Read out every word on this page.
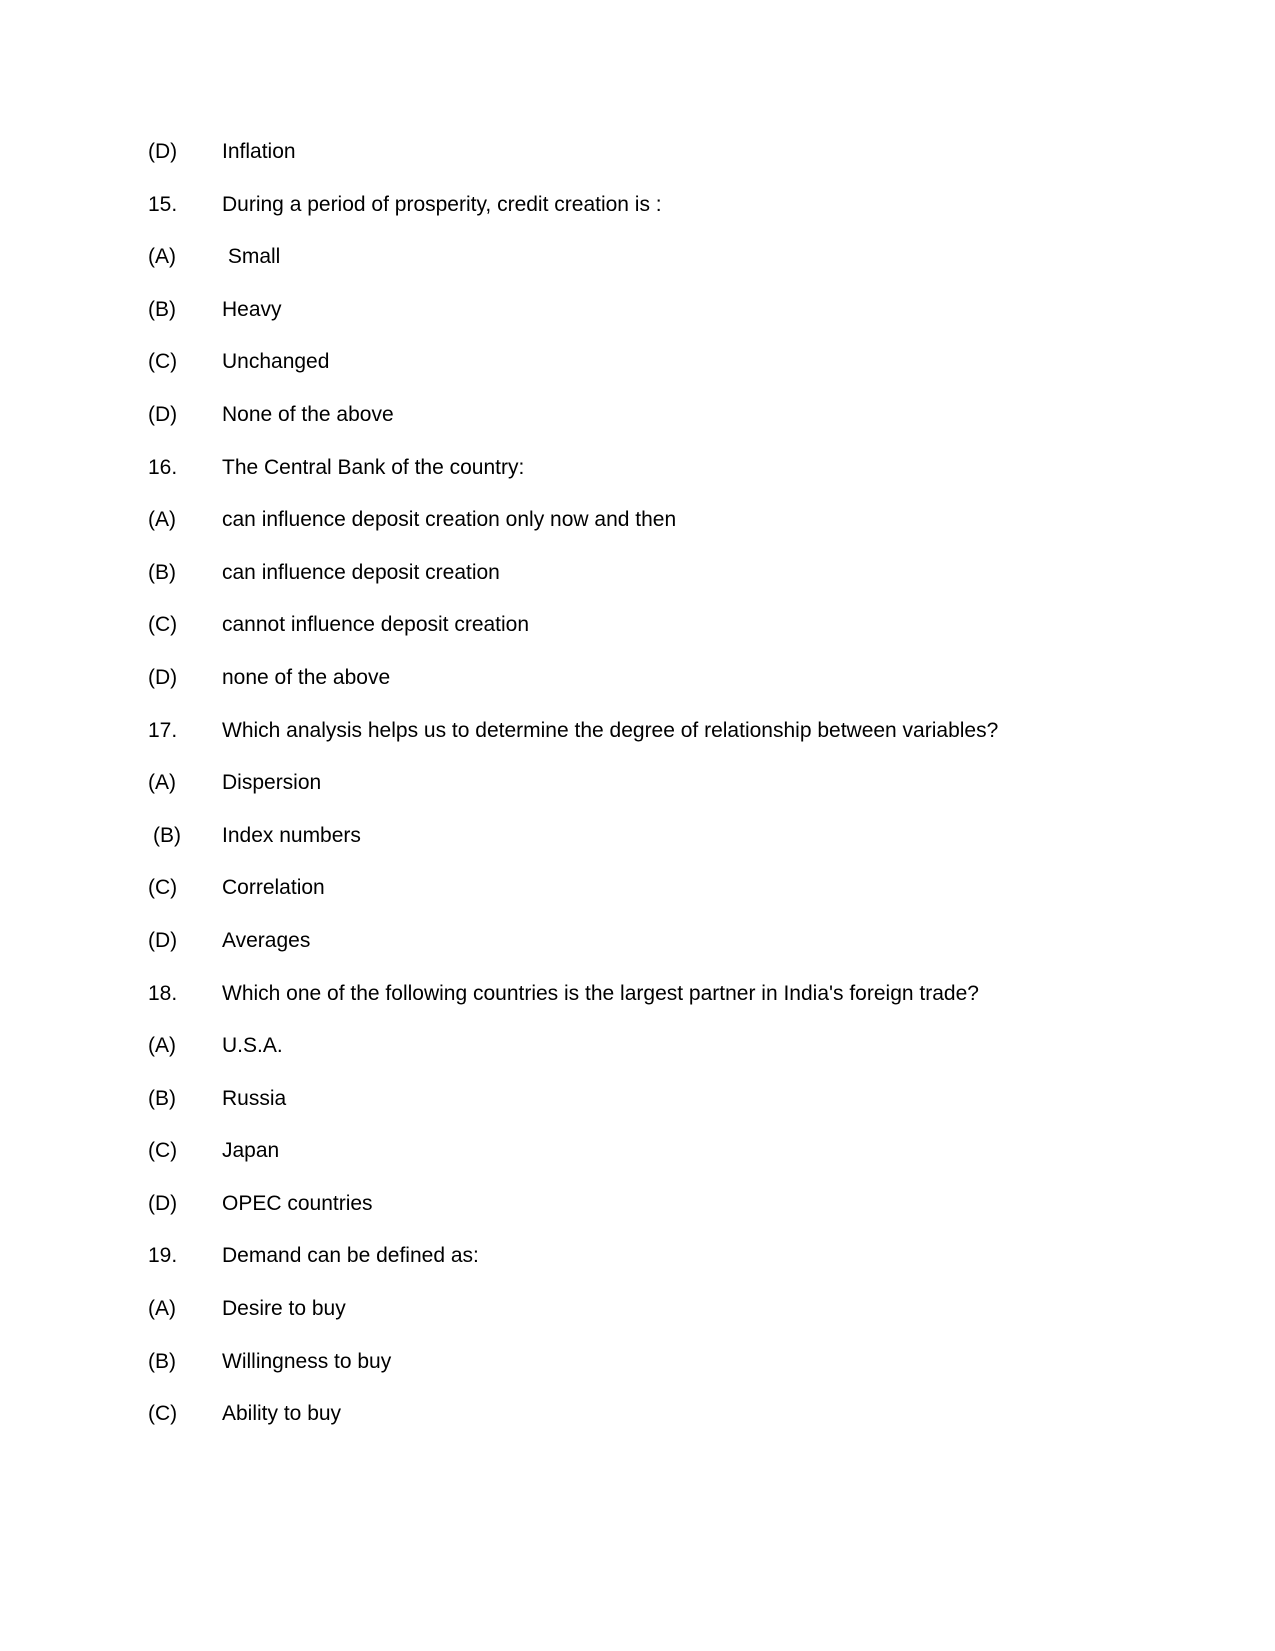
(D) Inflation
15. During a period of prosperity, credit creation is :
(A) Small
(B) Heavy
(C) Unchanged
(D) None of the above
16. The Central Bank of the country:
(A) can influence deposit creation only now and then
(B) can influence deposit creation
(C) cannot influence deposit creation
(D) none of the above
17. Which analysis helps us to determine the degree of relationship between variables?
(A) Dispersion
(B) Index numbers
(C) Correlation
(D) Averages
18. Which one of the following countries is the largest partner in India's foreign trade?
(A) U.S.A.
(B) Russia
(C) Japan
(D) OPEC countries
19. Demand can be defined as:
(A) Desire to buy
(B) Willingness to buy
(C) Ability to buy
